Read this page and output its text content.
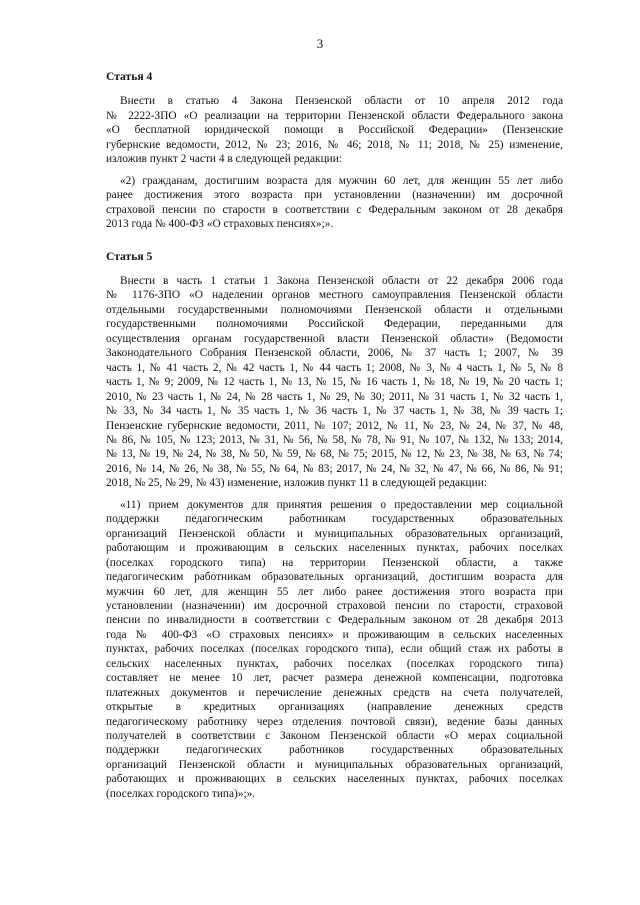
3
Статья 4
Внести в статью 4 Закона Пензенской области от 10 апреля 2012 года
№ 2222-ЗПО «О реализации на территории Пензенской области Федерального закона
«О бесплатной юридической помощи в Российской Федерации» (Пензенские
губернские ведомости, 2012, № 23; 2016, № 46; 2018, № 11; 2018, № 25) изменение,
изложив пункт 2 части 4 в следующей редакции:
«2) гражданам, достигшим возраста для мужчин 60 лет, для женщин 55 лет либо
ранее достижения этого возраста при установлении (назначении) им досрочной
страховой пенсии по старости в соответствии с Федеральным законом от 28 декабря
2013 года № 400-ФЗ «О страховых пенсиях»;».
Статья 5
Внести в часть 1 статьи 1 Закона Пензенской области от 22 декабря 2006 года
№ 1176-ЗПО «О наделении органов местного самоуправления Пензенской области
отдельными государственными полномочиями Пензенской области и отдельными
государственными полномочиями Российской Федерации, переданными для
осуществления органам государственной власти Пензенской области» (Ведомости
Законодательного Собрания Пензенской области, 2006, № 37 часть 1; 2007, № 39
часть 1, № 41 часть 2, № 42 часть 1, № 44 часть 1; 2008, № 3, № 4 часть 1, № 5, № 8
часть 1, № 9; 2009, № 12 часть 1, № 13, № 15, № 16 часть 1, № 18, № 19, № 20 часть 1;
2010, № 23 часть 1, № 24, № 28 часть 1, № 29, № 30; 2011, № 31 часть 1, № 32 часть 1,
№ 33, № 34 часть 1, № 35 часть 1, № 36 часть 1, № 37 часть 1, № 38, № 39 часть 1;
Пензенские губернские ведомости, 2011, № 107; 2012, № 11, № 23, № 24, № 37, № 48,
№ 86, № 105, № 123; 2013, № 31, № 56, № 58, № 78, № 91, № 107, № 132, № 133; 2014,
№ 13, № 19, № 24, № 38, № 50, № 59, № 68, № 75; 2015, № 12, № 23, № 38, № 63, № 74;
2016, № 14, № 26, № 38, № 55, № 64, № 83; 2017, № 24, № 32, № 47, № 66, № 86, № 91;
2018, № 25, № 29, № 43) изменение, изложив пункт 11 в следующей редакции:
«11) прием документов для принятия решения о предоставлении мер социальной
поддержки педагогическим работникам государственных образовательных
организаций Пензенской области и муниципальных образовательных организаций,
работающим и проживающим в сельских населенных пунктах, рабочих поселках
(поселках городского типа) на территории Пензенской области, а также
педагогическим работникам образовательных организаций, достигшим возраста для
мужчин 60 лет, для женщин 55 лет либо ранее достижения этого возраста при
установлении (назначении) им досрочной страховой пенсии по старости, страховой
пенсии по инвалидности в соответствии с Федеральным законом от 28 декабря 2013
года № 400-ФЗ «О страховых пенсиях» и проживающим в сельских населенных
пунктах, рабочих поселках (поселках городского типа), если общий стаж их работы в
сельских населенных пунктах, рабочих поселках (поселках городского типа)
составляет не менее 10 лет, расчет размера денежной компенсации, подготовка
платежных документов и перечисление денежных средств на счета получателей,
открытые в кредитных организациях (направление денежных средств
педагогическому работнику через отделения почтовой связи), ведение базы данных
получателей в соответствии с Законом Пензенской области «О мерах социальной
поддержки педагогических работников государственных образовательных
организаций Пензенской области и муниципальных образовательных организаций,
работающих и проживающих в сельских населенных пунктах, рабочих поселках
(поселках городского типа)»;».
